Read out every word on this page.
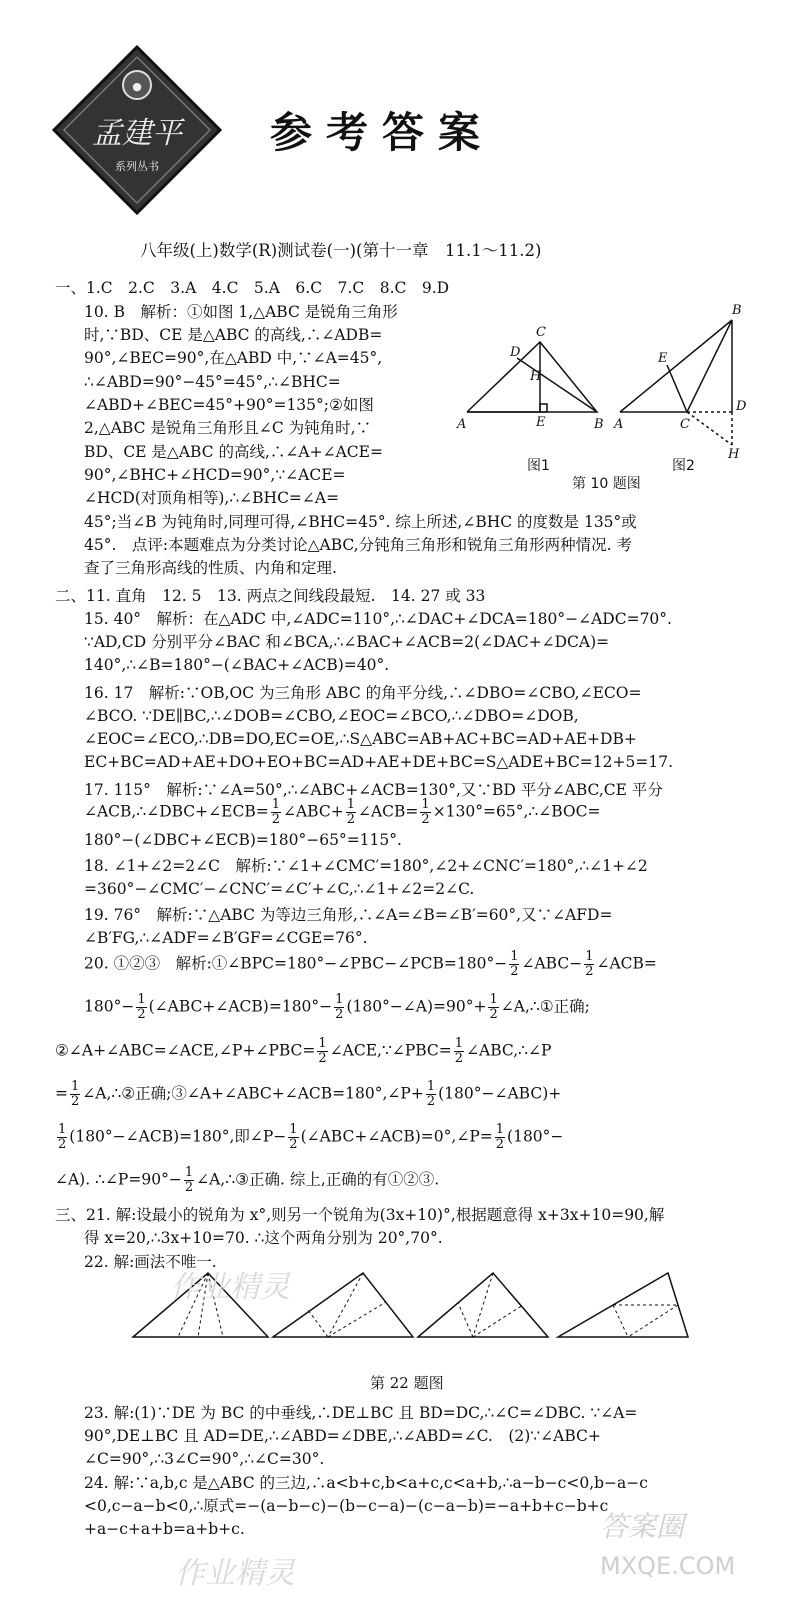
●
孟建平
系列丛书
参考答案
八年级(上)数学(R)测试卷(一)(第十一章　11.1～11.2)
一、1.C　2.C　3.A　4.C　5.A　6.C　7.C　8.C　9.D
10. B　解析：①如图 1,△ABC 是锐角三角形
时,∵BD、CE 是△ABC 的高线,∴∠ADB=
90°,∠BEC=90°,在△ABD 中,∵∠A=45°,
∴∠ABD=90°−45°=45°,∴∠BHC=
∠ABD+∠BEC=45°+90°=135°;②如图
2,△ABC 是锐角三角形且∠C 为钝角时,∵
BD、CE 是△ABC 的高线,∴∠A+∠ACE=
90°,∠BHC+∠HCD=90°,∵∠ACE=
∠HCD(对顶角相等),∴∠BHC=∠A=
45°;当∠B 为钝角时,同理可得,∠BHC=45°. 综上所述,∠BHC 的度数是 135°或
45°.　点评:本题难点为分类讨论△ABC,分钝角三角形和锐角三角形两种情况. 考
查了三角形高线的性质、内角和定理.
C
D
H
E
A	B
B
E
A	C
D
H
图1	图2
第 10 题图
二、11. 直角　12. 5　13. 两点之间线段最短.　14. 27 或 33
15. 40°　解析：在△ADC 中,∠ADC=110°,∴∠DAC+∠DCA=180°−∠ADC=70°.
∵AD,CD 分别平分∠BAC 和∠BCA,∴∠BAC+∠ACB=2(∠DAC+∠DCA)=
140°,∴∠B=180°−(∠BAC+∠ACB)=40°.
16. 17　解析:∵OB,OC 为三角形 ABC 的角平分线,∴∠DBO=∠CBO,∠ECO=
∠BCO. ∵DE∥BC,∴∠DOB=∠CBO,∠EOC=∠BCO,∴∠DBO=∠DOB,
∠EOC=∠ECO,∴DB=DO,EC=OE,∴S△ABC=AB+AC+BC=AD+AE+DB+
EC+BC=AD+AE+DO+EO+BC=AD+AE+DE+BC=S△ADE+BC=12+5=17.
17. 115°　解析:∵∠A=50°,∴∠ABC+∠ACB=130°,又∵BD 平分∠ABC,CE 平分
∠ACB,∴∠DBC+∠ECB= $\frac{1}{2}$ ∠ABC+ $\frac{1}{2}$ ∠ACB= $\frac{1}{2}$ ×130°=65°,∴∠BOC=
180°−(∠DBC+∠ECB)=180°−65°=115°.
18. ∠1+∠2=2∠C　解析:∵∠1+∠CMC′=180°,∠2+∠CNC′=180°,∴∠1+∠2
=360°−∠CMC′−∠CNC′=∠C′+∠C,∴∠1+∠2=2∠C.
19. 76°　解析:∵△ABC 为等边三角形,∴∠A=∠B=∠B′=60°,又∵∠AFD=
∠B′FG,∴∠ADF=∠B′GF=∠CGE=76°.
20. ①②③　解析:①∠BPC=180°−∠PBC−∠PCB=180°− $\frac{1}{2}$ ∠ABC− $\frac{1}{2}$ ∠ACB=
$180^\circ- \frac{1}{2}$ (∠ABC+∠ACB)=180°− $\frac{1}{2}$ (180°−∠A)=90°+ $\frac{1}{2}$ ∠A,∴①正确;
②∠A+∠ABC=∠ACE,∠P+∠PBC= $\frac{1}{2}$ ∠ACE,∵∠PBC= $\frac{1}{2}$ ∠ABC,∴∠P
= $\frac{1}{2}$ ∠A,∴②正确;③∠A+∠ABC+∠ACB=180°,∠P+ $\frac{1}{2}$ (180°−∠ABC)+
$\frac{1}{2}$ (180°−∠ACB)=180°,即∠P− $\frac{1}{2}$ (∠ABC+∠ACB)=0°,∠P= $\frac{1}{2} (180^\circ-$
∠A). ∴∠P=90°− $\frac{1}{2}$ ∠A,∴③正确. 综上,正确的有①②③.
三、21. 解:设最小的锐角为 x°,则另一个锐角为(3x+10)°,根据题意得 x+3x+10=90,解
得 x=20,∴3x+10=70. ∴这个两角分别为 20°,70°.
22. 解:画法不唯一.
第 22 题图
23. 解:(1)∵DE 为 BC 的中垂线,∴DE⊥BC 且 BD=DC,∴∠C=∠DBC. ∵∠A=
90°,DE⊥BC 且 AD=DE,∴∠ABD=∠DBE,∴∠ABD=∠C.　(2)∵∠ABC+
∠C=90°,∴3∠C=90°,∴∠C=30°.
24. 解:∵a,b,c 是△ABC 的三边,∴a<b+c,b<a+c,c<a+b,∴a−b−c<0,b−a−c
<0,c−a−b<0,∴原式=−(a−b−c)−(b−c−a)−(c−a−b)=−a+b+c−b+c
+a−c+a+b=a+b+c.
作业精灵
作业精灵
答案圈
MXQE.COM
